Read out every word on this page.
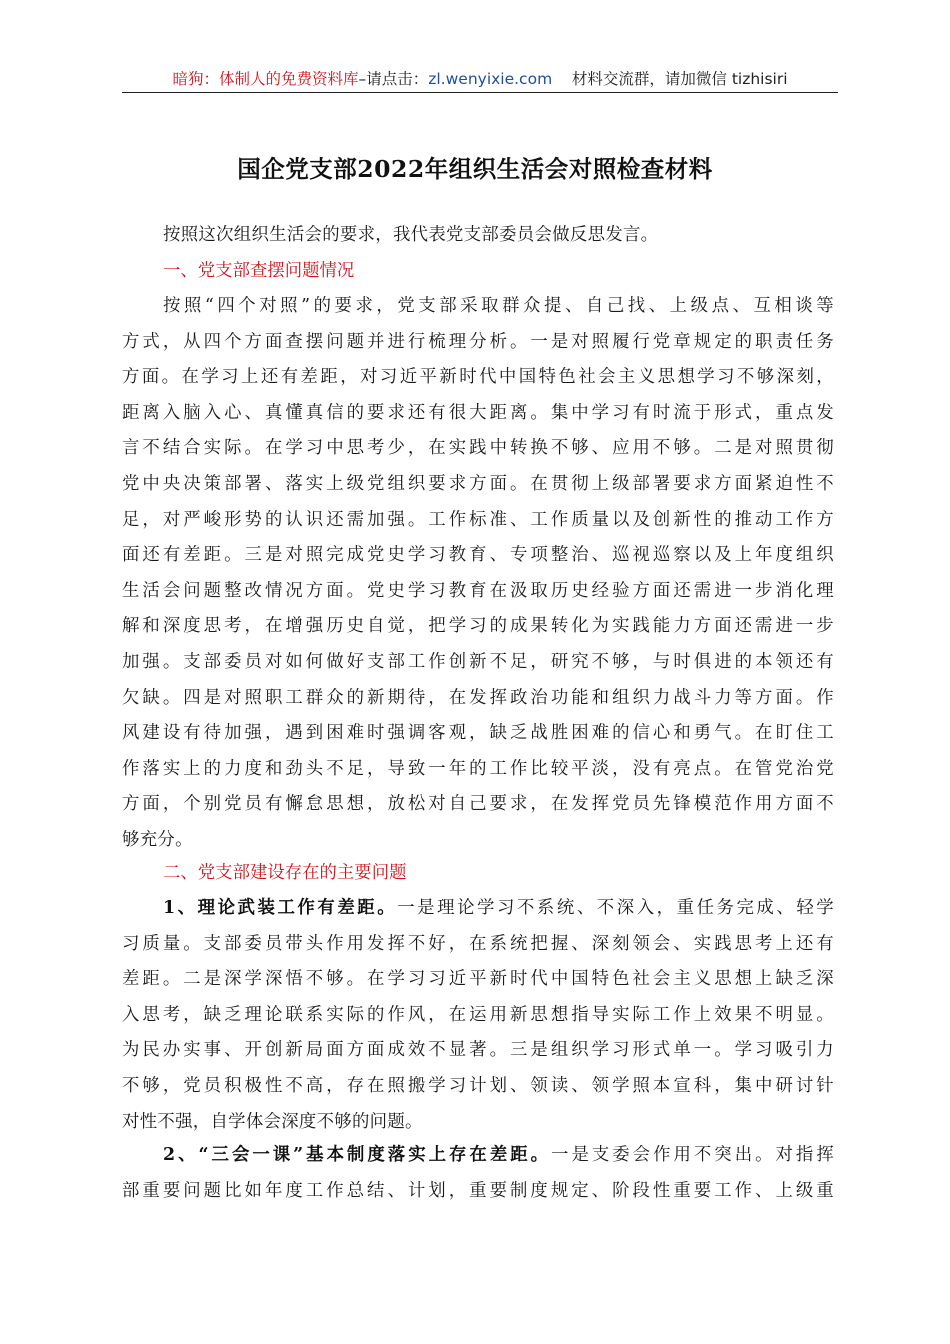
暗狗：体制人的免费资料库–请点击：zl.wenyixie.com 材料交流群，请加微信 tizhisiri
国企党支部2022年组织生活会对照检查材料
按照这次组织生活会的要求，我代表党支部委员会做反思发言。
一、党支部查摆问题情况
按照“四个对照”的要求，党支部采取群众提、自己找、上级点、互相谈等
方式，从四个方面查摆问题并进行梳理分析。一是对照履行党章规定的职责任务
方面。在学习上还有差距，对习近平新时代中国特色社会主义思想学习不够深刻，
距离入脑入心、真懂真信的要求还有很大距离。集中学习有时流于形式，重点发
言不结合实际。在学习中思考少，在实践中转换不够、应用不够。二是对照贯彻
党中央决策部署、落实上级党组织要求方面。在贯彻上级部署要求方面紧迫性不
足，对严峻形势的认识还需加强。工作标准、工作质量以及创新性的推动工作方
面还有差距。三是对照完成党史学习教育、专项整治、巡视巡察以及上年度组织
生活会问题整改情况方面。党史学习教育在汲取历史经验方面还需进一步消化理
解和深度思考，在增强历史自觉，把学习的成果转化为实践能力方面还需进一步
加强。支部委员对如何做好支部工作创新不足，研究不够，与时俱进的本领还有
欠缺。四是对照职工群众的新期待，在发挥政治功能和组织力战斗力等方面。作
风建设有待加强，遇到困难时强调客观，缺乏战胜困难的信心和勇气。在盯住工
作落实上的力度和劲头不足，导致一年的工作比较平淡，没有亮点。在管党治党
方面，个别党员有懈怠思想，放松对自己要求，在发挥党员先锋模范作用方面不
够充分。
二、党支部建设存在的主要问题
1、理论武装工作有差距。一是理论学习不系统、不深入，重任务完成、轻学
习质量。支部委员带头作用发挥不好，在系统把握、深刻领会、实践思考上还有
差距。二是深学深悟不够。在学习习近平新时代中国特色社会主义思想上缺乏深
入思考，缺乏理论联系实际的作风，在运用新思想指导实际工作上效果不明显。
为民办实事、开创新局面方面成效不显著。三是组织学习形式单一。学习吸引力
不够，党员积极性不高，存在照搬学习计划、领读、领学照本宣科，集中研讨针
对性不强，自学体会深度不够的问题。
2、“三会一课”基本制度落实上存在差距。一是支委会作用不突出。对指挥
部重要问题比如年度工作总结、计划，重要制度规定、阶段性重要工作、上级重
